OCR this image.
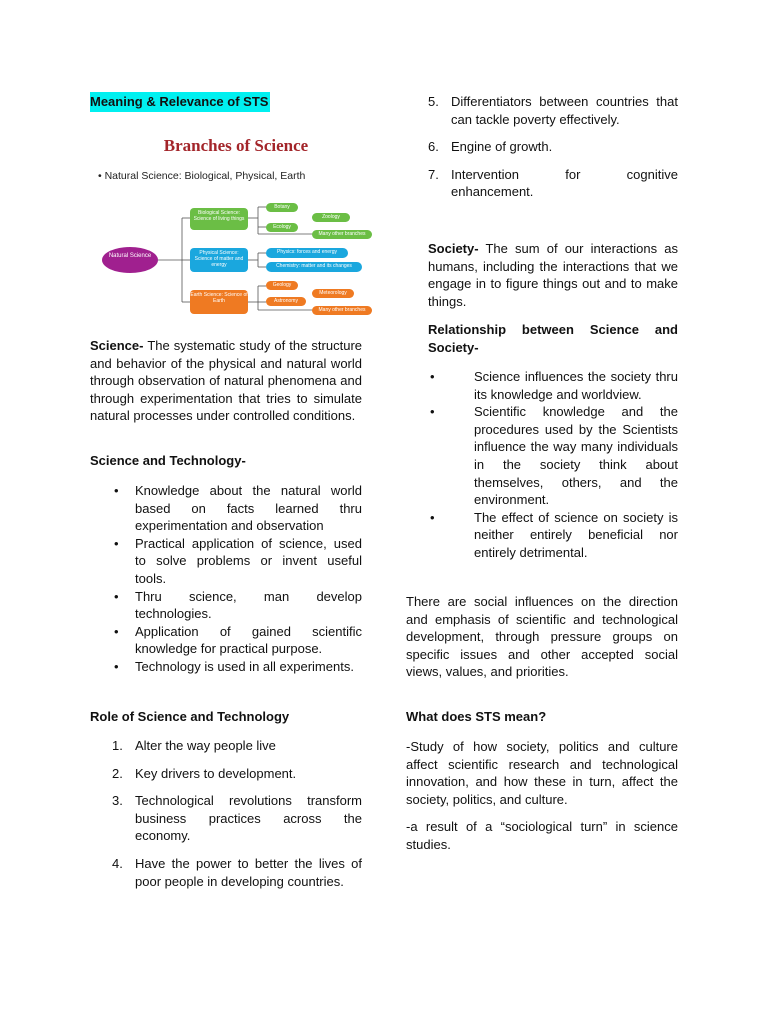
Meaning & Relevance of STS
Branches of Science
• Natural Science: Biological, Physical, Earth
Natural Science
Biological Science: Science of living things
Botany
Zoology
Ecology
Many other branches
Physical Science: Science of matter and energy
Physics: forces and energy
Chemistry: matter and its changes
Earth Science: Science of Earth
Geology
Meteorology
Astronomy
Many other branches

Science- The systematic study of the structure and behavior of the physical and natural world through observation of natural phenomena and through experimentation that tries to simulate natural processes under controlled conditions.

Science and Technology-
• Knowledge about the natural world based on facts learned thru experimentation and observation
• Practical application of science, used to solve problems or invent useful tools.
• Thru science, man develop technologies.
• Application of gained scientific knowledge for practical purpose.
• Technology is used in all experiments.
Role of Science and Technology
1. Alter the way people live
2. Key drivers to development.
3. Technological revolutions transform business practices across the economy.
4. Have the power to better the lives of poor people in developing countries.
5. Differentiators between countries that can tackle poverty effectively.
6. Engine of growth.
7. Intervention for cognitive enhancement.

Society- The sum of our interactions as humans, including the interactions that we engage in to figure things out and to make things.

Relationship between Science and Society-

• Science influences the society thru its knowledge and worldview.
• Scientific knowledge and the procedures used by the Scientists influence the way many individuals in the society think about themselves, others, and the environment.
• The effect of science on society is neither entirely beneficial nor entirely detrimental.

There are social influences on the direction and emphasis of scientific and technological development, through pressure groups on specific issues and other accepted social views, values, and priorities.

What does STS mean?

-Study of how society, politics and culture affect scientific research and technological innovation, and how these in turn, affect the society, politics, and culture.

-a result of a “sociological turn” in science studies.
